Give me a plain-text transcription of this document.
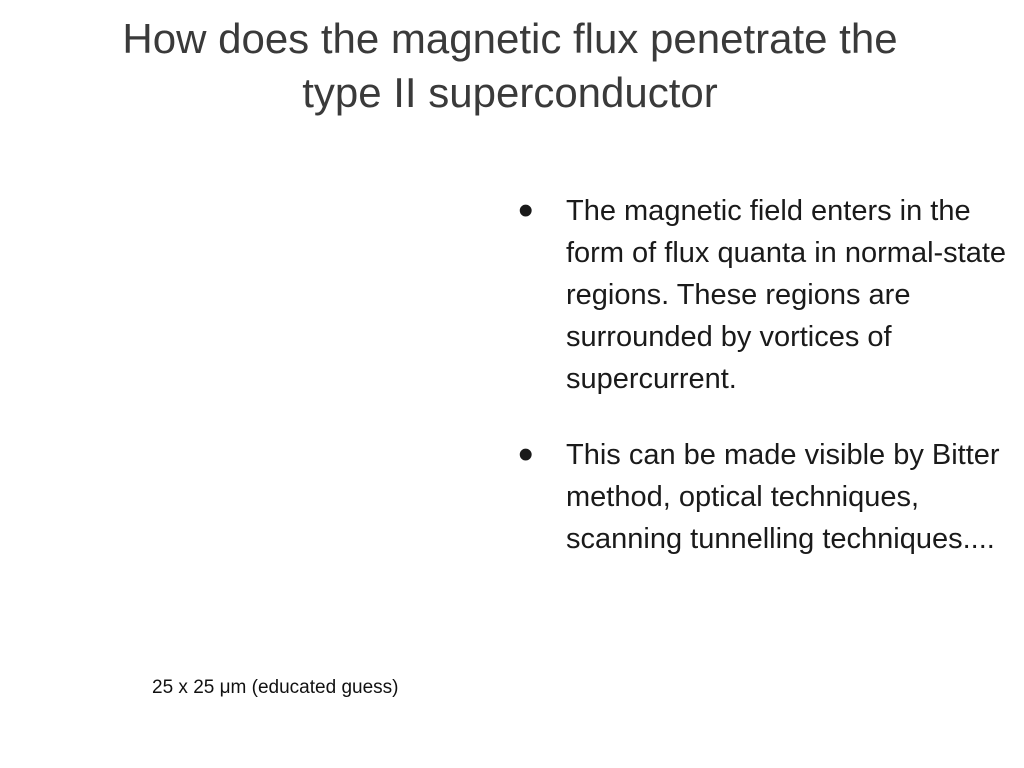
How does the magnetic flux penetrate the
type II superconductor
• The magnetic field enters in the form of flux quanta in normal-state regions. These regions are surrounded by vortices of supercurrent.
• This can be made visible by Bitter method, optical techniques, scanning tunnelling techniques....
25 x 25 μm (educated guess)
